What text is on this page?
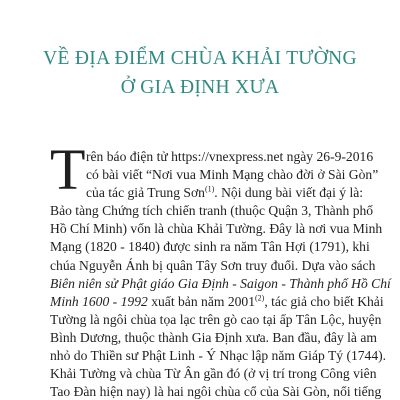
VỀ ĐỊA ĐIỂM CHÙA KHẢI TƯỜNG
Ở GIA ĐỊNH XƯA
T rên báo điện tử https://vnexpress.net ngày 26-9-2016
có bài viết “Nơi vua Minh Mạng chào đời ở Sài Gòn”
của tác giả Trung Sơn$^{(1)}$. Nội dung bài viết đại ý là:
Bảo tàng Chứng tích chiến tranh (thuộc Quận 3, Thành phố
Hồ Chí Minh) vốn là chùa Khải Tường. Đây là nơi vua Minh
Mạng (1820 - 1840) được sinh ra năm Tân Hợi (1791), khi
chúa Nguyễn Ánh bị quân Tây Sơn truy đuổi. Dựa vào sách
Biên niên sử Phật giáo Gia Định - Saigon - Thành phố Hồ Chí
Minh 1600 - 1992 xuất bản năm 2001$^{(2)}$, tác giả cho biết Khải
Tường là ngôi chùa tọa lạc trên gò cao tại ấp Tân Lộc, huyện
Bình Dương, thuộc thành Gia Định xưa. Ban đầu, đây là am
nhỏ do Thiền sư Phật Linh - Ý Nhạc lập năm Giáp Tý (1744).
Khải Tường và chùa Từ Ân gần đó (ở vị trí trong Công viên
Tao Đàn hiện nay) là hai ngôi chùa cổ của Sài Gòn, nổi tiếng
